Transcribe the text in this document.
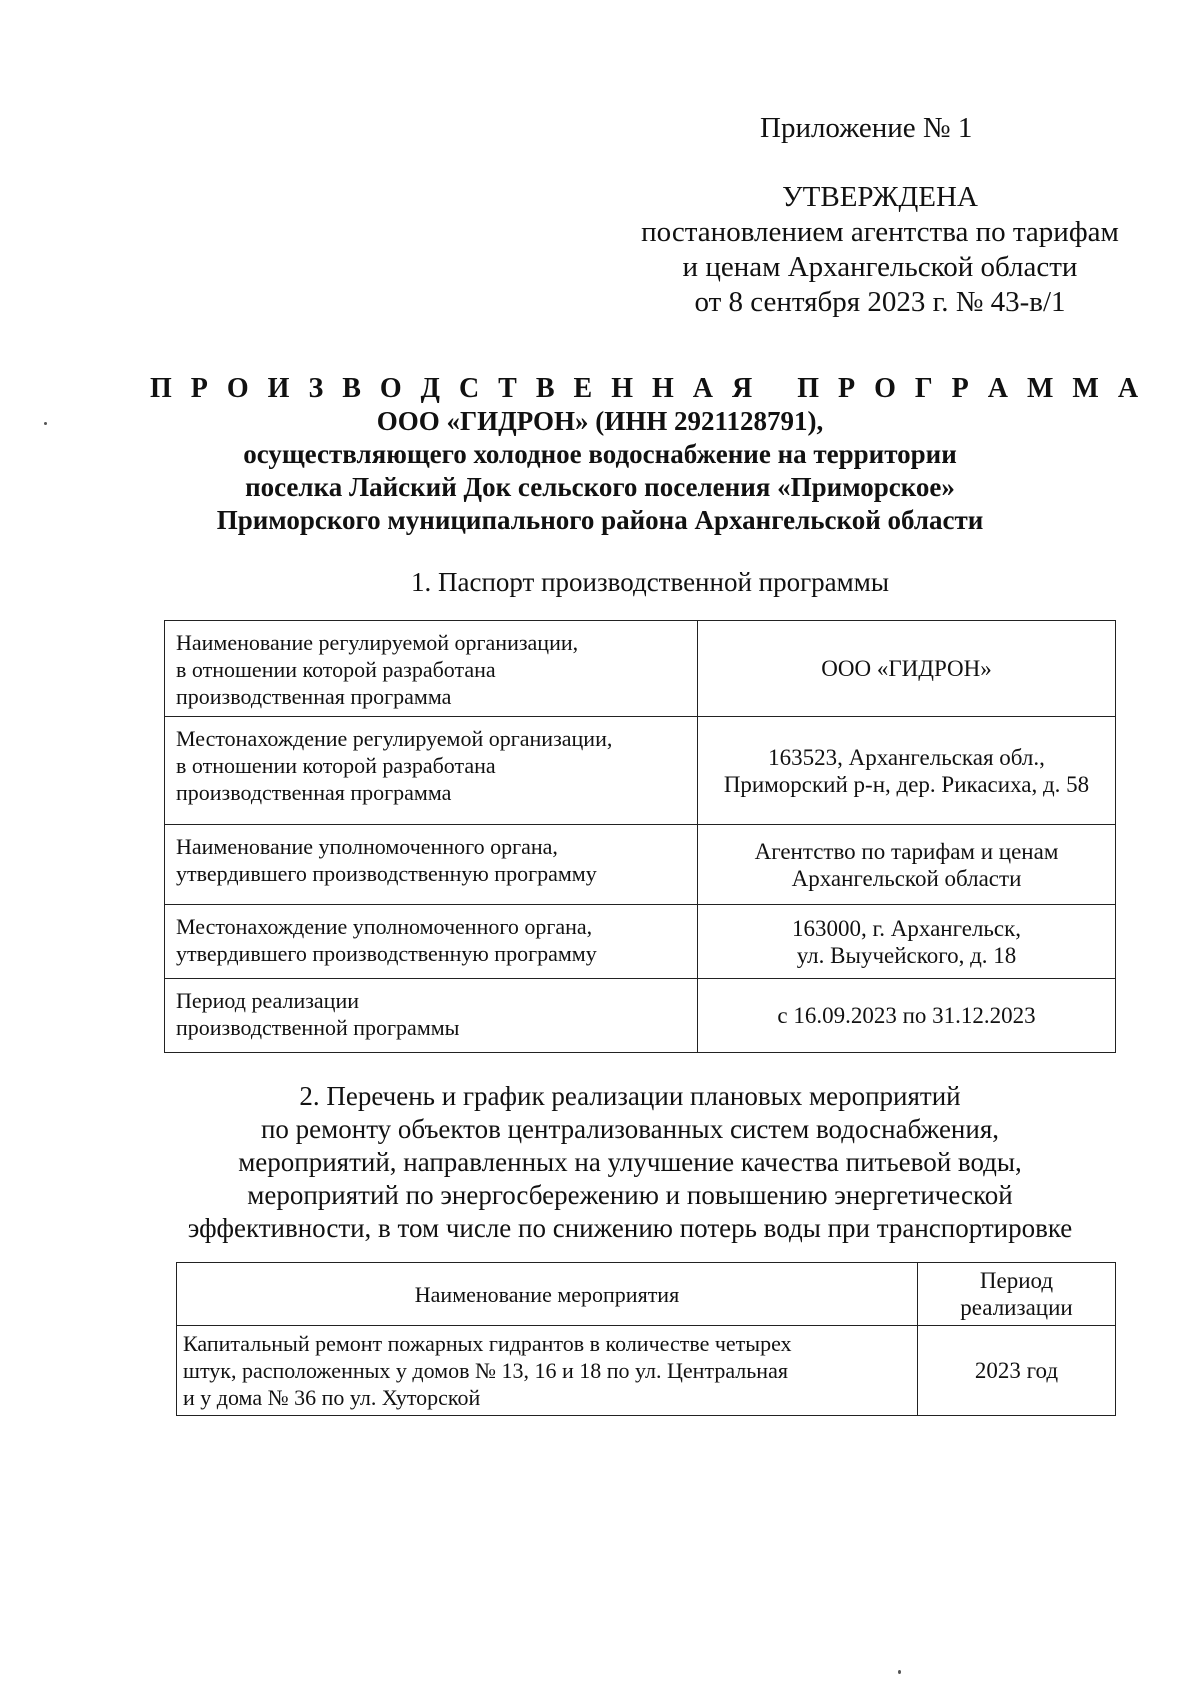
Приложение № 1
УТВЕРЖДЕНА
постановлением агентства по тарифам
и ценам Архангельской области
от 8 сентября 2023 г. № 43-в/1
П Р О И З В О Д С Т В Е Н Н А Я   П Р О Г Р А М М А
ООО «ГИДРОН» (ИНН 2921128791),
осуществляющего холодное водоснабжение на территории
поселка Лайский Док сельского поселения «Приморское»
Приморского муниципального района Архангельской области
1. Паспорт производственной программы
Наименование регулируемой организации,
в отношении которой разработана
производственная программа	ООО «ГИДРОН»

Местонахождение регулируемой организации,
в отношении которой разработана
производственная программа	163523, Архангельская обл.,
Приморский р-н, дер. Рикасиха, д. 58

Наименование уполномоченного органа,
утвердившего производственную программу	Агентство по тарифам и ценам
Архангельской области

Местонахождение уполномоченного органа,
утвердившего производственную программу	163000, г. Архангельск,
ул. Выучейского, д. 18

Период реализации
производственной программы	с 16.09.2023 по 31.12.2023
2. Перечень и график реализации плановых мероприятий
по ремонту объектов централизованных систем водоснабжения,
мероприятий, направленных на улучшение качества питьевой воды,
мероприятий по энергосбережению и повышению энергетической
эффективности, в том числе по снижению потерь воды при транспортировке
Наименование мероприятия	Период реализации

Капитальный ремонт пожарных гидрантов в количестве четырех
штук, расположенных у домов № 13, 16 и 18 по ул. Центральная
и у дома № 36 по ул. Хуторской	2023 год
